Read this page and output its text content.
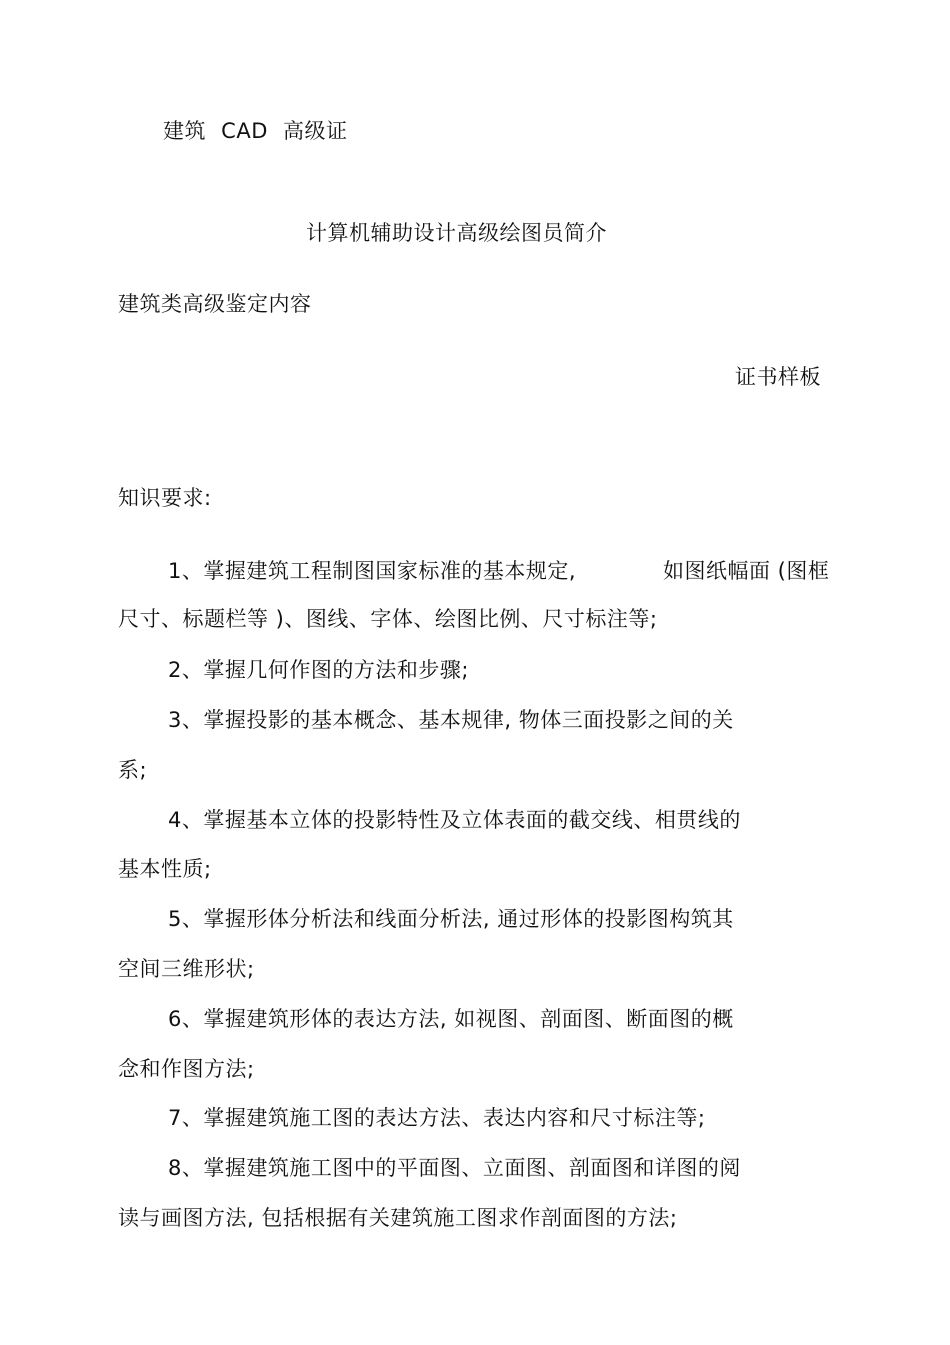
建筑 CAD 高级证
计算机辅助设计高级绘图员简介
建筑类高级鉴定内容
证书样板
知识要求:
1、掌握建筑工程制图国家标准的基本规定,	如图纸幅面 (图框
尺寸、标题栏等 )、图线、字体、绘图比例、尺寸标注等;
2、掌握几何作图的方法和步骤;
3、掌握投影的基本概念、基本规律, 物体三面投影之间的关
系;
4、掌握基本立体的投影特性及立体表面的截交线、相贯线的
基本性质;
5、掌握形体分析法和线面分析法, 通过形体的投影图构筑其
空间三维形状;
6、掌握建筑形体的表达方法, 如视图、剖面图、断面图的概
念和作图方法;
7、掌握建筑施工图的表达方法、表达内容和尺寸标注等;
8、掌握建筑施工图中的平面图、立面图、剖面图和详图的阅
读与画图方法, 包括根据有关建筑施工图求作剖面图的方法;
